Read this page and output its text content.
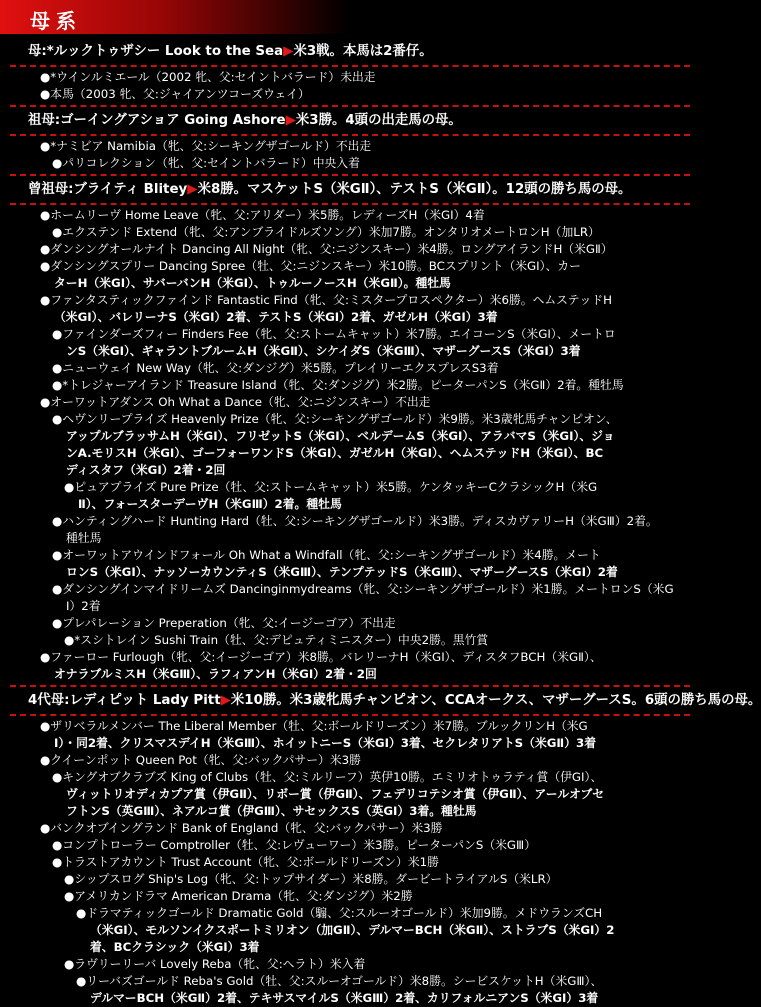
母系
母:*ルックトゥザシー Look to the Sea▶米3戦。本馬は2番仔。
●*ウインルミエール（2002 牝、父:セイントバラード）未出走
●本馬（2003 牝、父:ジャイアンツコーズウェイ）
祖母:ゴーイングアショア Going Ashore▶米3勝。4頭の出走馬の母。
●*ナミビア Namibia（牝、父:シーキングザゴールド）不出走
●パリコレクション（牝、父:セイントバラード）中央入着
曾祖母:ブライティ Blitey▶米8勝。マスケットS（米GⅡ）、テストS（米GⅡ）。12頭の勝ち馬の母。
●ホームリーヴ Home Leave（牝、父:アリダー）米5勝。レディーズH（米GⅠ）4着
●エクステンド Extend（牝、父:アンブライドルズソング）米加7勝。オンタリオメートロンH（加LR）
●ダンシングオールナイト Dancing All Night（牝、父:ニジンスキー）米4勝。ロングアイランドH（米GⅡ）
●ダンシングスプリー Dancing Spree（牡、父:ニジンスキー）米10勝。BCスプリント（米GⅠ）、カー
ターH（米GⅠ）、サバーバンH（米GⅠ）、トゥルーノースH（米GⅡ）。種牡馬
●ファンタスティックファインド Fantastic Find（牝、父:ミスタープロスペクター）米6勝。ヘムステッドH
（米GⅠ）、バレリーナS（米GⅠ）2着、テストS（米GⅠ）2着、ガゼルH（米GⅠ）3着
●ファインダーズフィー Finders Fee（牝、父:ストームキャット）米7勝。エイコーンS（米GⅠ）、メートロ
ンS（米GⅠ）、ギャラントブルームH（米GⅡ）、シケイダS（米GⅢ）、マザーグースS（米GⅠ）3着
●ニューウェイ New Way（牝、父:ダンジグ）米5勝。プレイリーエクスプレスS3着
●*トレジャーアイランド Treasure Island（牝、父:ダンジグ）米2勝。ピーターパンS（米GⅡ）2着。種牡馬
●オーワットアダンス Oh What a Dance（牝、父:ニジンスキー）不出走
●ヘヴンリープライズ Heavenly Prize（牝、父:シーキングザゴールド）米9勝。米3歳牝馬チャンピオン、
アップルブラッサムH（米GⅠ）、フリゼットS（米GⅠ）、ベルデームS（米GⅠ）、アラバマS（米GⅠ）、ジョ
ンA.モリスH（米GⅠ）、ゴーフォーワンドS（米GⅠ）、ガゼルH（米GⅠ）、ヘムステッドH（米GⅠ）、BC
ディスタフ（米GⅠ）2着・2回
●ピュアプライズ Pure Prize（牡、父:ストームキャット）米5勝。ケンタッキーCクラシックH（米G
Ⅱ）、フォースターデーヴH（米GⅢ）2着。種牡馬
●ハンティングハード Hunting Hard（牡、父:シーキングザゴールド）米3勝。ディスカヴァリーH（米GⅢ）2着。
種牡馬
●オーワットアウインドフォール Oh What a Windfall（牝、父:シーキングザゴールド）米4勝。メート
ロンS（米GⅠ）、ナッソーカウンティS（米GⅢ）、テンプテッドS（米GⅢ）、マザーグースS（米GⅠ）2着
●ダンシングインマイドリームズ Dancinginmydreams（牝、父:シーキングザゴールド）米1勝。メートロンS（米G
Ⅰ）2着
●プレパレーション Preperation（牝、父:イージーゴア）不出走
●*スシトレイン Sushi Train（牡、父:デピュティミニスター）中央2勝。黒竹賞
●ファーロー Furlough（牝、父:イージーゴア）米8勝。バレリーナH（米GⅠ）、ディスタフBCH（米GⅡ）、
オナラブルミスH（米GⅢ）、ラフィアンH（米GⅠ）2着・2回
4代母:レディピット Lady Pitt▶米10勝。米3歳牝馬チャンピオン、CCAオークス、マザーグースS。6頭の勝ち馬の母。
●ザリベラルメンバー The Liberal Member（牡、父:ボールドリーズン）米7勝。ブルックリンH（米G
Ⅰ）・同2着、クリスマスデイH（米GⅢ）、ホイットニーS（米GⅠ）3着、セクレタリアトS（米GⅡ）3着
●クイーンポット Queen Pot（牝、父:バックパサー）米3勝
●キングオブクラブズ King of Clubs（牡、父:ミルリーフ）英伊10勝。エミリオトゥラティ賞（伊GⅠ）、
ヴィットリオディカプア賞（伊GⅡ）、リボー賞（伊GⅡ）、フェデリコテシオ賞（伊GⅡ）、アールオブセ
フトンS（英GⅢ）、ネアルコ賞（伊GⅢ）、サセックスS（英GⅠ）3着。種牡馬
●バンクオブイングランド Bank of England（牝、父:バックパサー）米3勝
●コンプトローラー Comptroller（牡、父:レヴューワー）米3勝。ピーターパンS（米GⅢ）
●トラストアカウント Trust Account（牝、父:ボールドリーズン）米1勝
●シップスログ Ship's Log（牝、父:トップサイダー）米8勝。ダービートライアルS（米LR）
●アメリカンドラマ American Drama（牝、父:ダンジグ）米2勝
●ドラマティックゴールド Dramatic Gold（騸、父:スルーオゴールド）米加9勝。メドウランズCH
（米GⅠ）、モルソンイクスポートミリオン（加GⅡ）、デルマーBCH（米GⅡ）、ストラブS（米GⅠ）2
着、BCクラシック（米GⅠ）3着
●ラヴリーリーバ Lovely Reba（牝、父:ヘラト）米入着
●リーバズゴールド Reba's Gold（牡、父:スルーオゴールド）米8勝。シービスケットH（米GⅢ）、
デルマーBCH（米GⅡ）2着、テキサスマイルS（米GⅢ）2着、カリフォルニアンS（米GⅠ）3着
